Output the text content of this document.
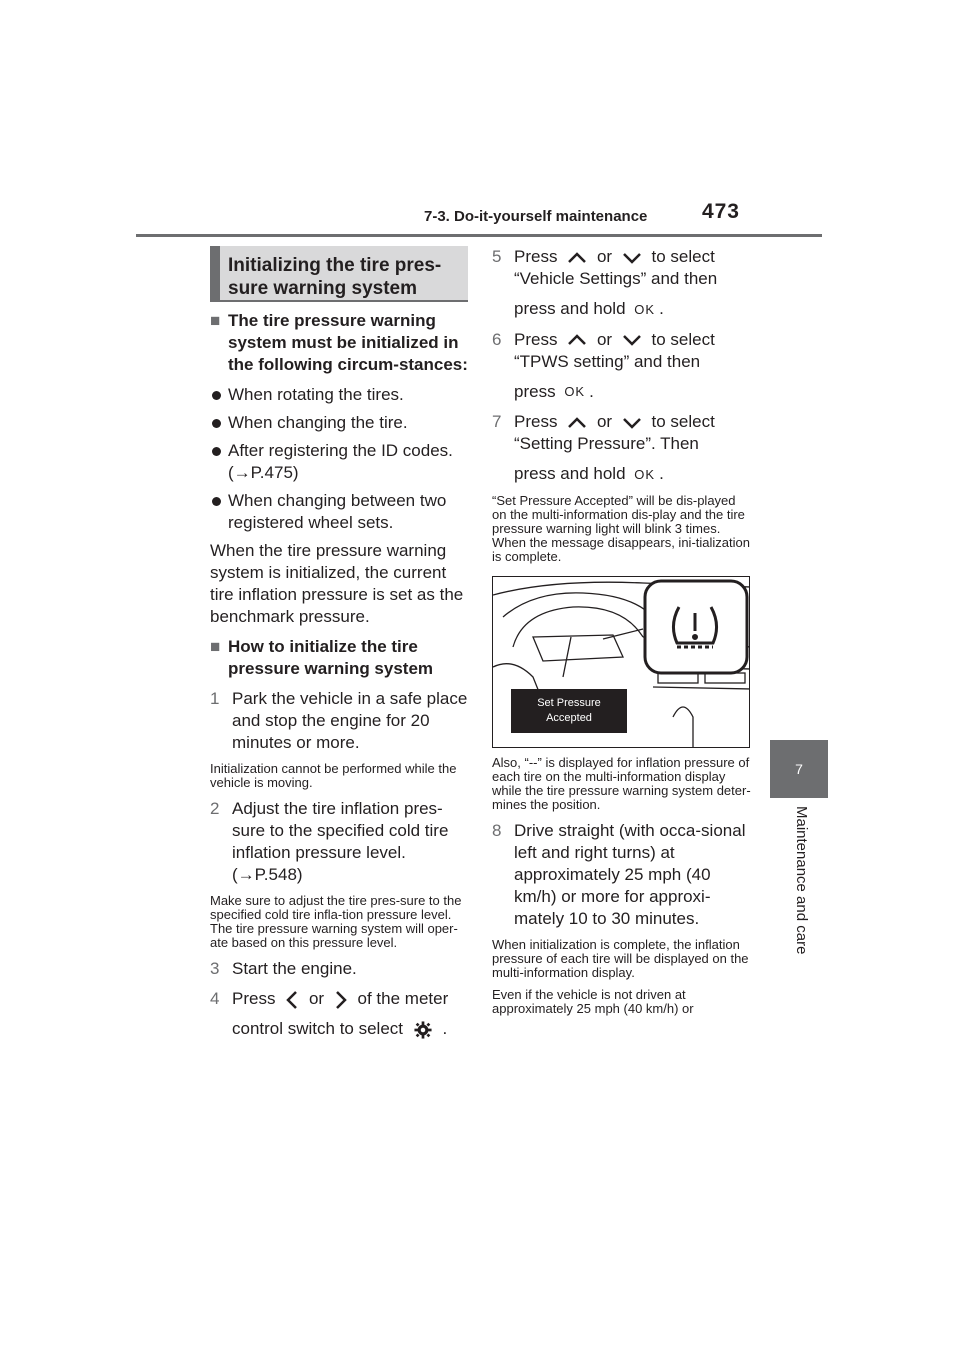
7-3. Do-it-yourself maintenance	473
7
Maintenance and care
Initializing the tire pres-
sure warning system
■ The tire pressure warning system must be initialized in the following circum-stances:
When rotating the tires.
When changing the tire.
After registering the ID codes. (→P.475)
When changing between two registered wheel sets.

When the tire pressure warning system is initialized, the current tire inflation pressure is set as the benchmark pressure.

■ How to initialize the tire pressure warning system
1 Park the vehicle in a safe place and stop the engine for 20 minutes or more.

Initialization cannot be performed while the vehicle is moving.

2 Adjust the tire inflation pres-sure to the specified cold tire inflation pressure level. (→P.548)

Make sure to adjust the tire pres-sure to the specified cold tire infla-tion pressure level. The tire pressure warning system will oper-ate based on this pressure level.

3 Start the engine.
4 Press or of the meter
control switch to select .
5 Press or to select
“Vehicle Settings” and then
press and hold OK .
6 Press or to select
“TPWS setting” and then
press OK .
7 Press or to select
“Setting Pressure”. Then
press and hold OK .

“Set Pressure Accepted” will be dis-played on the multi-information dis-play and the tire pressure warning light will blink 3 times. When the message disappears, ini-tialization is complete.

Set Pressure
Accepted

Also, “--” is displayed for inflation pressure of each tire on the multi-information display while the tire pressure warning system deter-mines the position.

8 Drive straight (with occa-sional left and right turns) at approximately 25 mph (40 km/h) or more for approxi-mately 10 to 30 minutes.

When initialization is complete, the inflation pressure of each tire will be displayed on the multi-information display.

Even if the vehicle is not driven at approximately 25 mph (40 km/h) or
